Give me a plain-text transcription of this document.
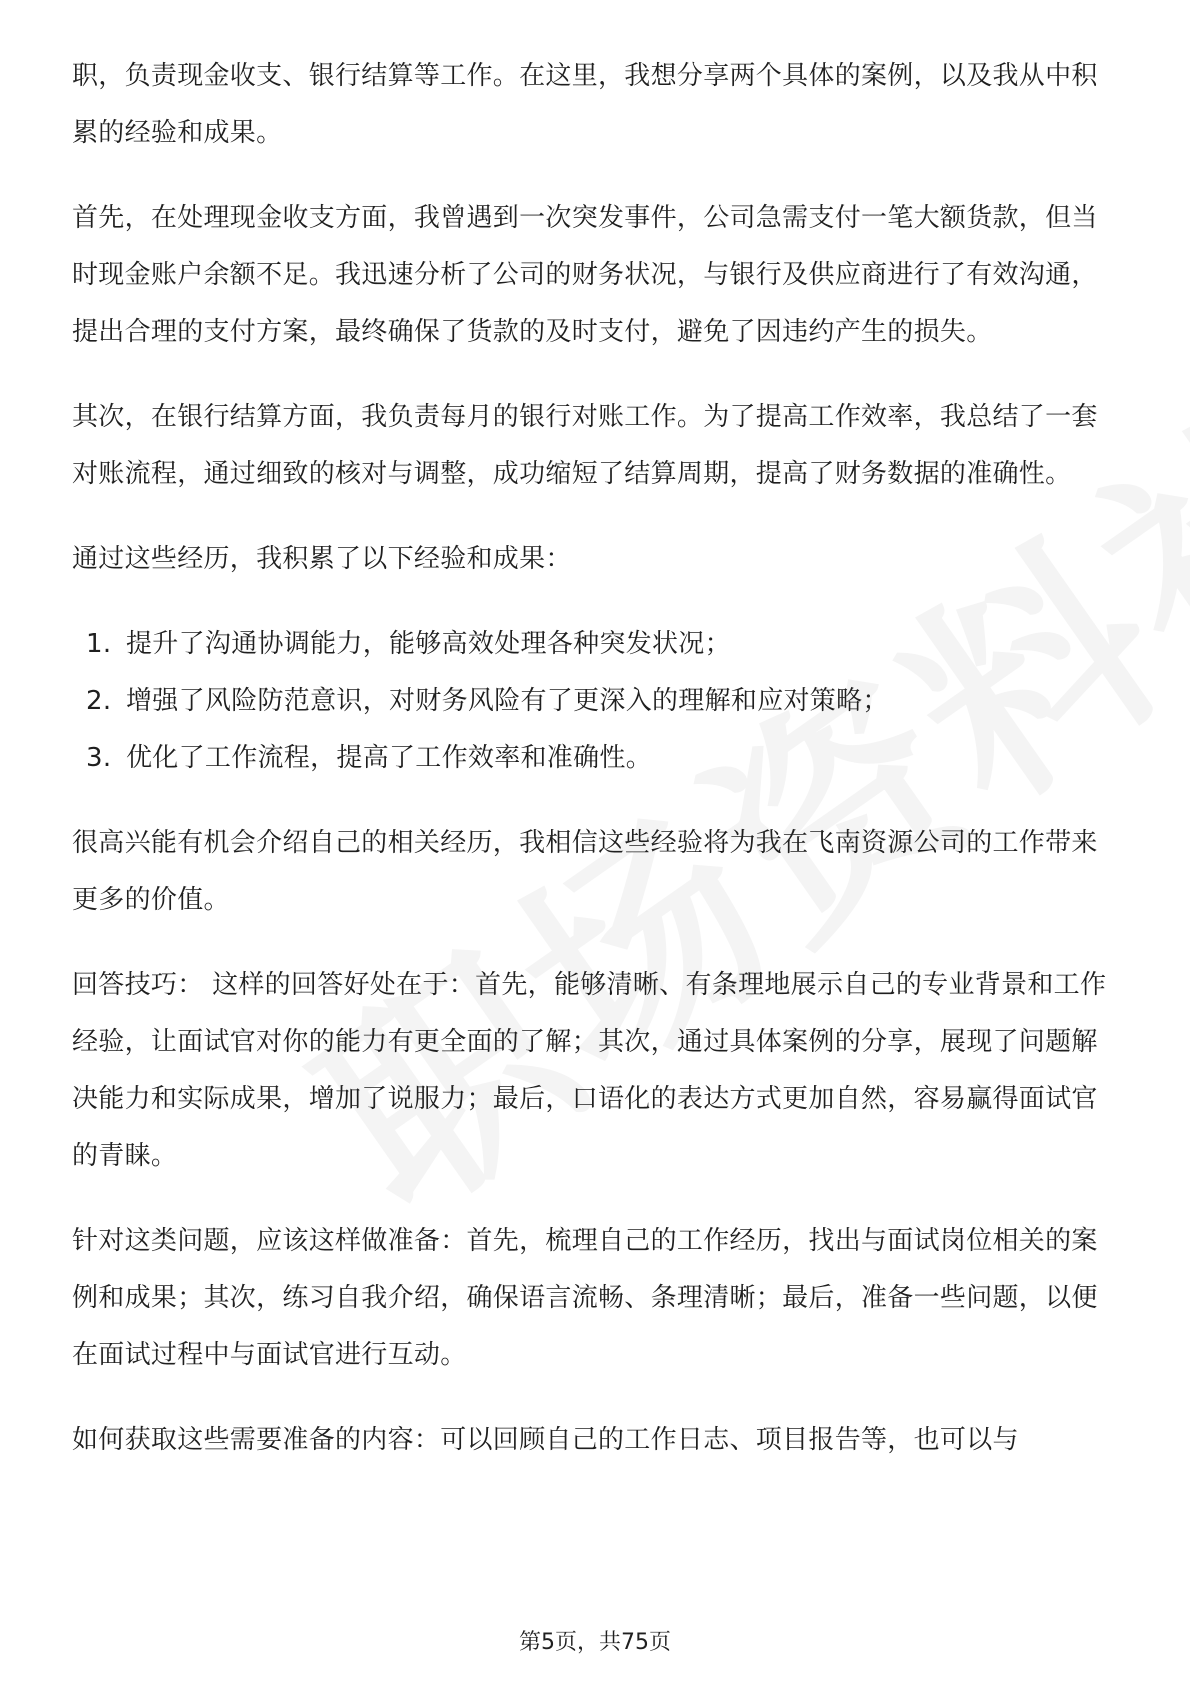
职，负责现金收支、银行结算等工作。在这里，我想分享两个具体的案例，以及我从中积累的经验和成果。

首先，在处理现金收支方面，我曾遇到一次突发事件，公司急需支付一笔大额货款，但当时现金账户余额不足。我迅速分析了公司的财务状况，与银行及供应商进行了有效沟通，提出合理的支付方案，最终确保了货款的及时支付，避免了因违约产生的损失。

其次，在银行结算方面，我负责每月的银行对账工作。为了提高工作效率，我总结了一套对账流程，通过细致的核对与调整，成功缩短了结算周期，提高了财务数据的准确性。

通过这些经历，我积累了以下经验和成果：

1. 提升了沟通协调能力，能够高效处理各种突发状况；
2. 增强了风险防范意识，对财务风险有了更深入的理解和应对策略；
3. 优化了工作流程，提高了工作效率和准确性。

很高兴能有机会介绍自己的相关经历，我相信这些经验将为我在飞南资源公司的工作带来更多的价值。

回答技巧： 这样的回答好处在于：首先，能够清晰、有条理地展示自己的专业背景和工作经验，让面试官对你的能力有更全面的了解；其次，通过具体案例的分享，展现了问题解决能力和实际成果，增加了说服力；最后，口语化的表达方式更加自然，容易赢得面试官的青睐。

针对这类问题，应该这样做准备：首先，梳理自己的工作经历，找出与面试岗位相关的案例和成果；其次，练习自我介绍，确保语言流畅、条理清晰；最后，准备一些问题，以便在面试过程中与面试官进行互动。

如何获取这些需要准备的内容：可以回顾自己的工作日志、项目报告等，也可以与

第5页，共75页
